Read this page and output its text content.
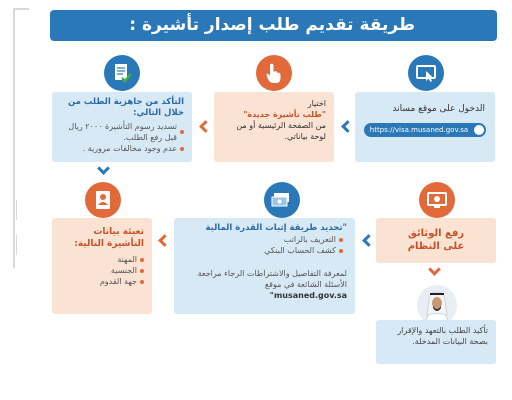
طريقة تقديم طلب إصدار تأشيرة :
الدخول على موقع مساند
https://visa.musaned.gov.sa
اختيار
"طلب تأشيرة جديدة"
من الصفحة الرئيسية أو من
لوحة بياناتي.
التأكد من جاهزية الطلب من خلال التالي:
تسديد رسوم التأشيرة ٢٠٠٠ ريال قبل رفع الطلب.
عدم وجود مخالفات مرورية .
رفع الوثائق على النظام
"تحديد طريقة إثبات القدرة المالية
التعريف بالراتب
كشف الحساب البنكي
لمعرفة التفاصيل والاشتراطات الرجاء مراجعة الأسئلة الشائعة في موقع
musaned.gov.sa"
تعبئة بيانات التأشيرة التالية:
المهنة
الجنسية
جهة القدوم
تأكيد الطلب بالتعهد والإقرار بصحة البيانات المدخلة.
